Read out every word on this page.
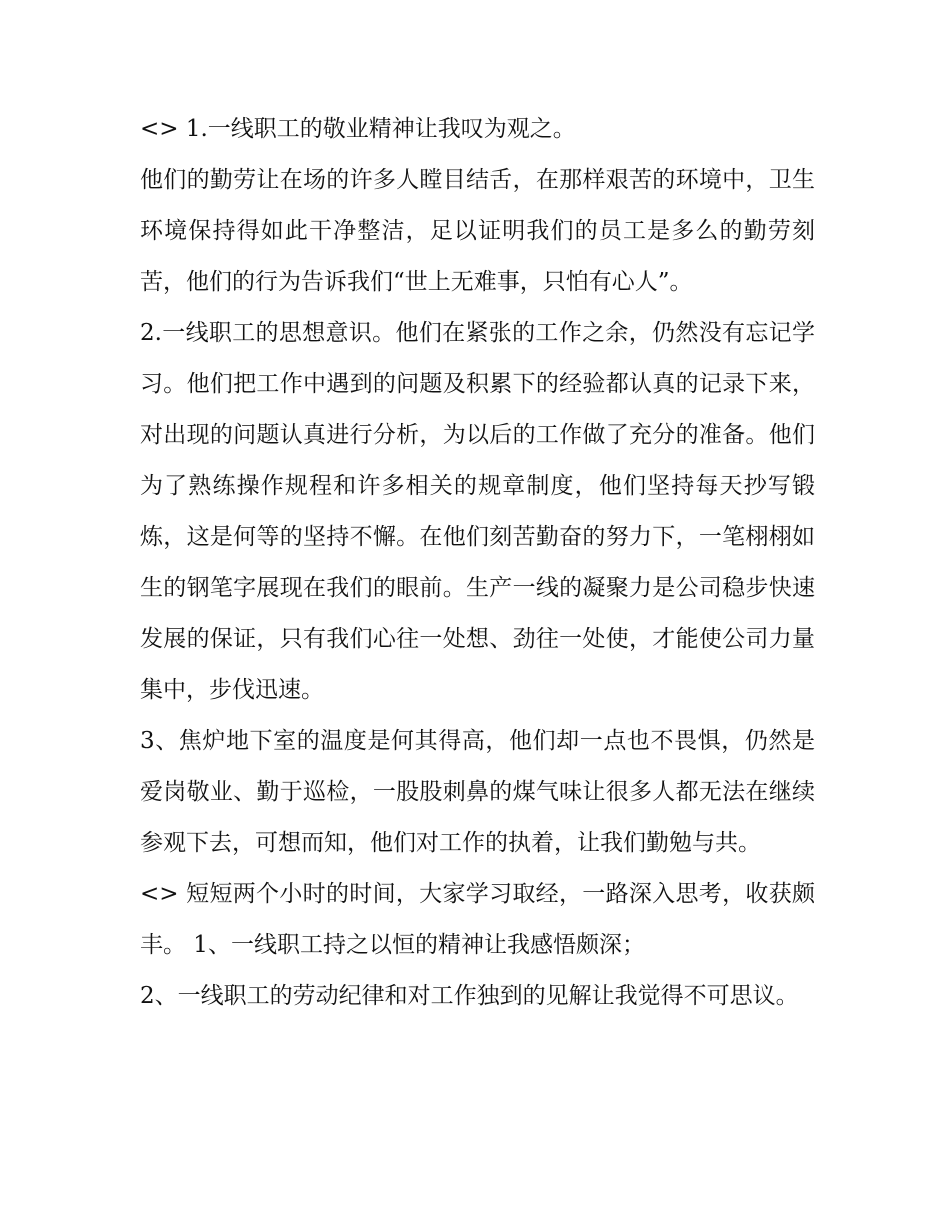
<> 1.一线职工的敬业精神让我叹为观之。

他们的勤劳让在场的许多人瞠目结舌，在那样艰苦的环境中，卫生环境保持得如此干净整洁，足以证明我们的员工是多么的勤劳刻苦，他们的行为告诉我们“世上无难事，只怕有心人”。

2.一线职工的思想意识。他们在紧张的工作之余，仍然没有忘记学习。他们把工作中遇到的问题及积累下的经验都认真的记录下来，对出现的问题认真进行分析，为以后的工作做了充分的准备。他们为了熟练操作规程和许多相关的规章制度，他们坚持每天抄写锻炼，这是何等的坚持不懈。在他们刻苦勤奋的努力下，一笔栩栩如生的钢笔字展现在我们的眼前。生产一线的凝聚力是公司稳步快速发展的保证，只有我们心往一处想、劲往一处使，才能使公司力量集中，步伐迅速。

3、焦炉地下室的温度是何其得高，他们却一点也不畏惧，仍然是爱岗敬业、勤于巡检，一股股刺鼻的煤气味让很多人都无法在继续参观下去，可想而知，他们对工作的执着，让我们勤勉与共。

<> 短短两个小时的时间，大家学习取经，一路深入思考，收获颇丰。 1、一线职工持之以恒的精神让我感悟颇深；

2、一线职工的劳动纪律和对工作独到的见解让我觉得不可思议。
